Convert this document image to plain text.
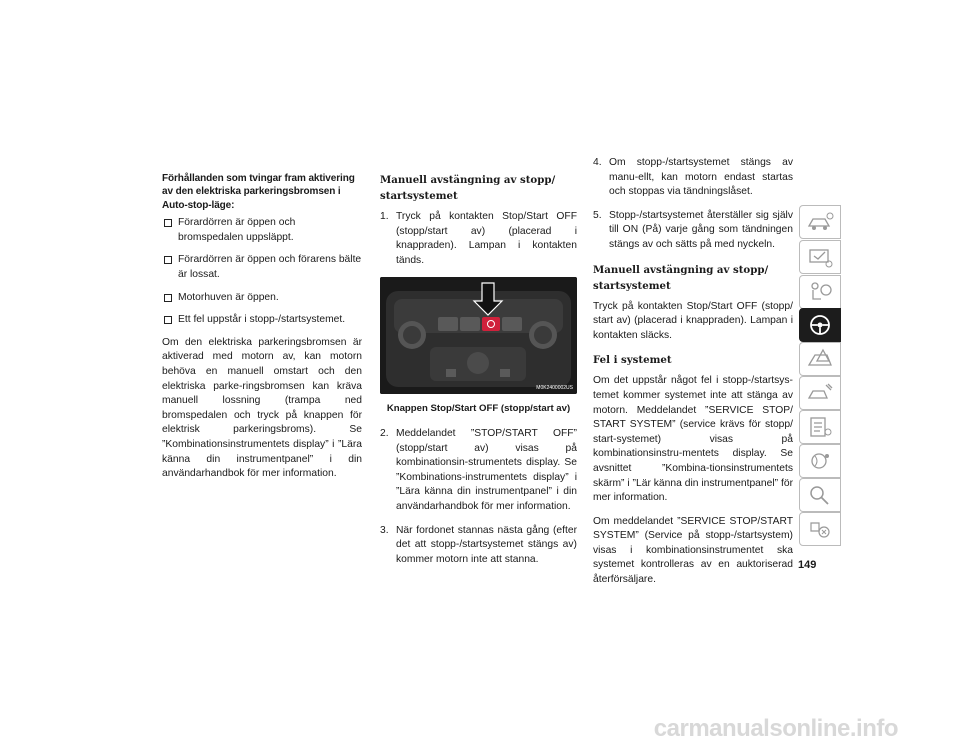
Förhållanden som tvingar fram aktivering av den elektriska parkeringsbromsen i Auto-stop-läge:
Förardörren är öppen och bromspedalen uppsläppt.
Förardörren är öppen och förarens bälte är lossat.
Motorhuven är öppen.
Ett fel uppstår i stopp-/startsystemet.

Om den elektriska parkeringsbromsen är aktiverad med motorn av, kan motorn behöva en manuell omstart och den elektriska parke-ringsbromsen kan kräva manuell lossning (trampa ned bromspedalen och tryck på knappen för elektrisk parkeringsbroms). Se ”Kombinationsinstrumentets display” i ”Lära känna din instrumentpanel” i din användarhandbok för mer information.

Manuell avstängning av stopp/ startsystemet
1. Tryck på kontakten Stop/Start OFF (stopp/start av) (placerad i knappraden). Lampan i kontakten tänds.
M0K2400002US
Knappen Stop/Start OFF (stopp/start av)
2. Meddelandet ”STOP/START OFF” (stopp/start av) visas på kombinationsin-strumentets display. Se ”Kombinations-instrumentets display” i ”Lära känna din instrumentpanel” i din användarhandbok för mer information.
3. När fordonet stannas nästa gång (efter det att stopp-/startsystemet stängs av) kommer motorn inte att stanna.
4. Om stopp-/startsystemet stängs av manu-ellt, kan motorn endast startas och stoppas via tändningslåset.
5. Stopp-/startsystemet återställer sig själv till ON (På) varje gång som tändningen stängs av och sätts på med nyckeln.
Manuell avstängning av stopp/ startsystemet

Tryck på kontakten Stop/Start OFF (stopp/ start av) (placerad i knappraden). Lampan i kontakten släcks.

Fel i systemet

Om det uppstår något fel i stopp-/startsys-temet kommer systemet inte att stänga av motorn. Meddelandet ”SERVICE STOP/ START SYSTEM” (service krävs för stopp/ start-systemet) visas på kombinationsinstru-mentets display. Se avsnittet ”Kombina-tionsinstrumentets skärm” i ”Lär känna din instrumentpanel” för mer information.

Om meddelandet ”SERVICE STOP/START SYSTEM” (Service på stopp-/startsystem) visas i kombinationsinstrumentet ska systemet kontrolleras av en auktoriserad återförsäljare.

149
carmanualsonline.info
